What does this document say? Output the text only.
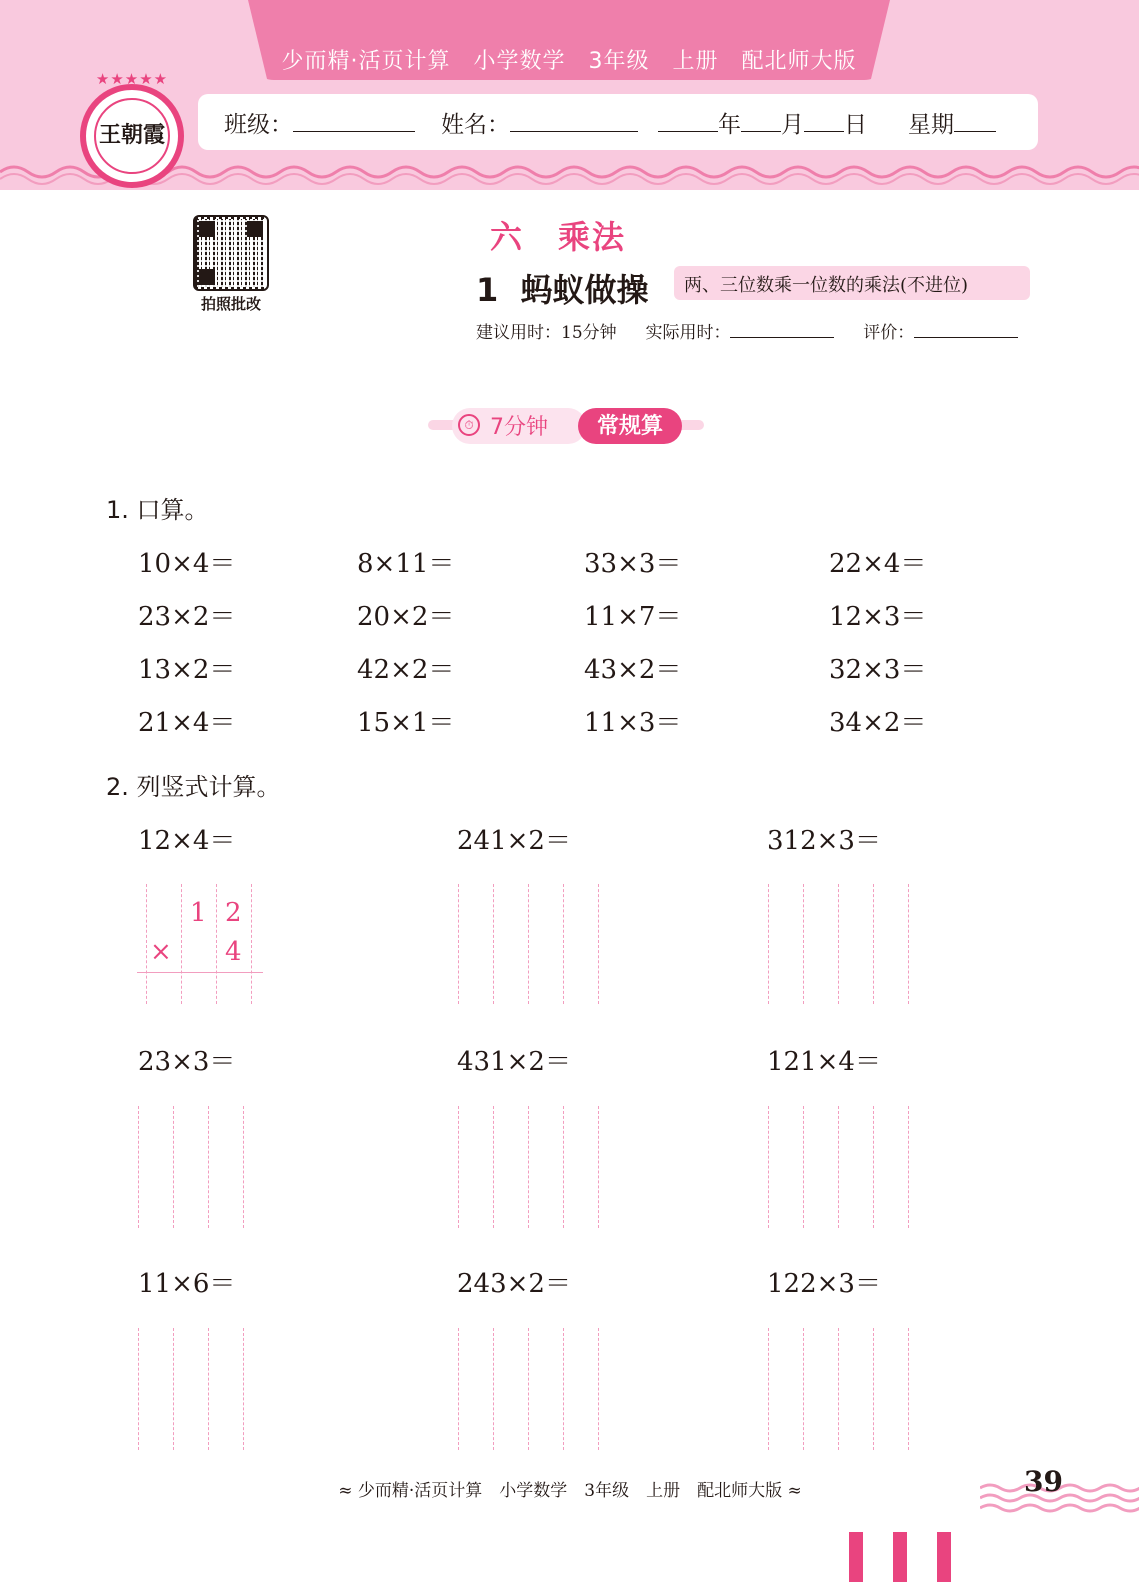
少而精·活页计算　小学数学　3年级　上册　配北师大版
班级：	姓名：	年 月 日 星期
★★★★★
王朝霞
拍照批改
六　乘法
1  蚂蚁做操 两、三位数乘一位数的乘法(不进位)
建议用时：15分钟 实际用时：	评价：
⏱ 7分钟	常规算
1. 口算。
10×4＝	8×11＝	33×3＝	22×4＝
23×2＝	20×2＝	11×7＝	12×3＝
13×2＝	42×2＝	43×2＝	32×3＝
21×4＝	15×1＝	11×3＝	34×2＝
2. 列竖式计算。
12×4＝	241×2＝	312×3＝
23×3＝	431×2＝	121×4＝
11×6＝	243×2＝	122×3＝
1 2
× 4
≈ 少而精·活页计算　小学数学　3年级　上册　配北师大版 ≈	39
